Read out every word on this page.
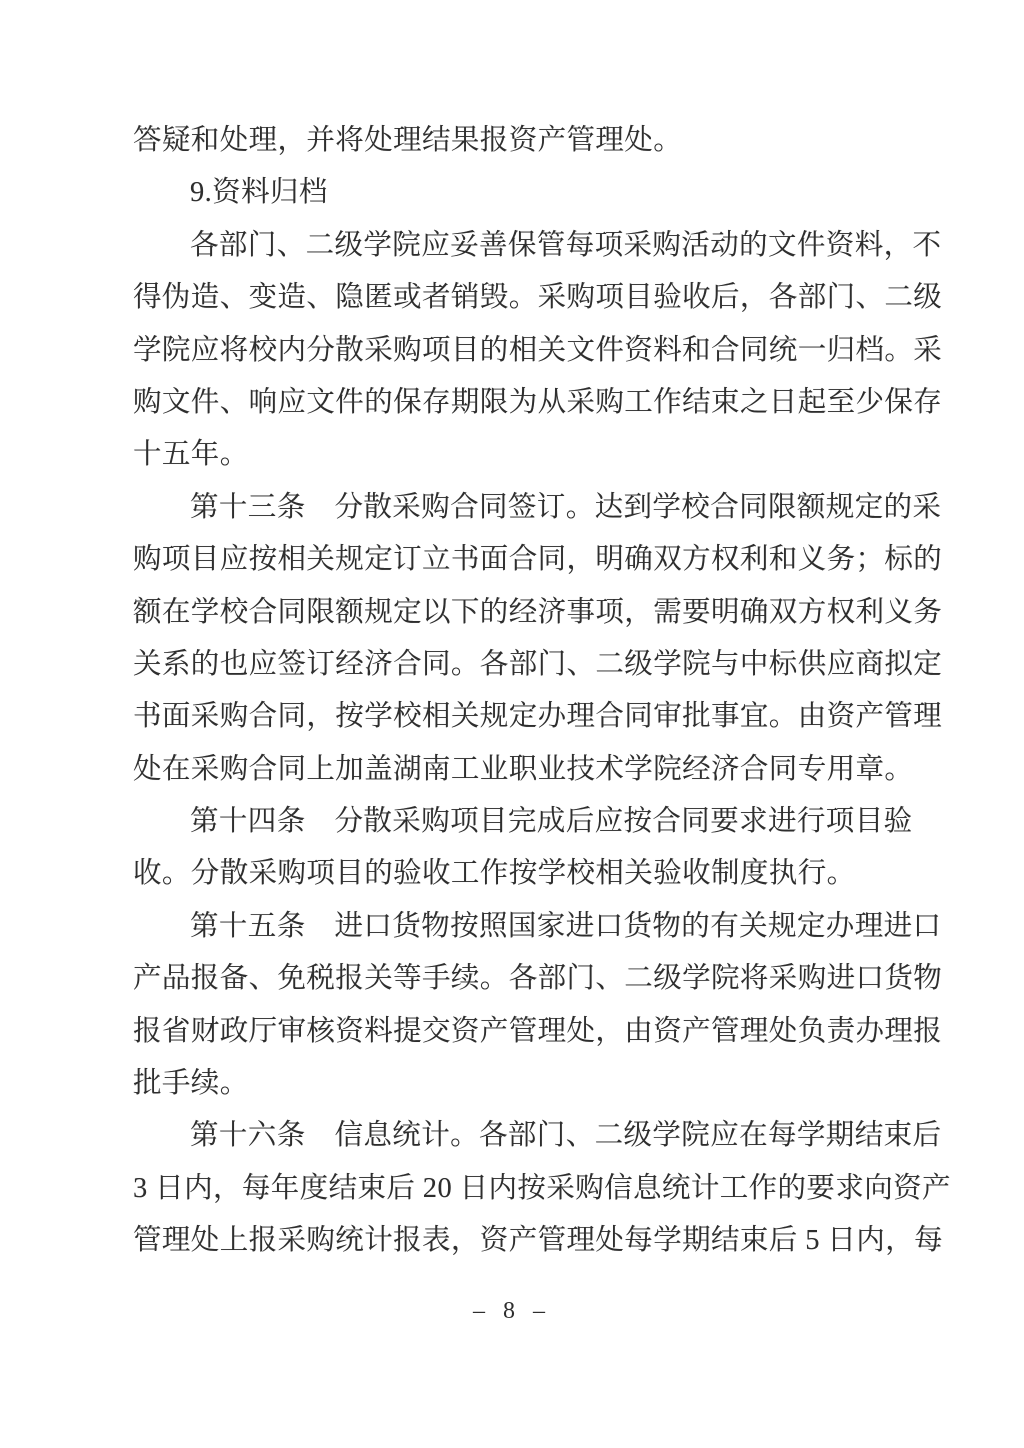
答疑和处理，并将处理结果报资产管理处。
9.资料归档
各部门、二级学院应妥善保管每项采购活动的文件资料，不
得伪造、变造、隐匿或者销毁。采购项目验收后，各部门、二级
学院应将校内分散采购项目的相关文件资料和合同统一归档。采
购文件、响应文件的保存期限为从采购工作结束之日起至少保存
十五年。
第十三条　分散采购合同签订。达到学校合同限额规定的采
购项目应按相关规定订立书面合同，明确双方权利和义务；标的
额在学校合同限额规定以下的经济事项，需要明确双方权利义务
关系的也应签订经济合同。各部门、二级学院与中标供应商拟定
书面采购合同，按学校相关规定办理合同审批事宜。由资产管理
处在采购合同上加盖湖南工业职业技术学院经济合同专用章。
第十四条　分散采购项目完成后应按合同要求进行项目验
收。分散采购项目的验收工作按学校相关验收制度执行。
第十五条　进口货物按照国家进口货物的有关规定办理进口
产品报备、免税报关等手续。各部门、二级学院将采购进口货物
报省财政厅审核资料提交资产管理处，由资产管理处负责办理报
批手续。
第十六条　信息统计。各部门、二级学院应在每学期结束后
3 日内，每年度结束后 20 日内按采购信息统计工作的要求向资产
管理处上报采购统计报表，资产管理处每学期结束后 5 日内，每
– 8 –
